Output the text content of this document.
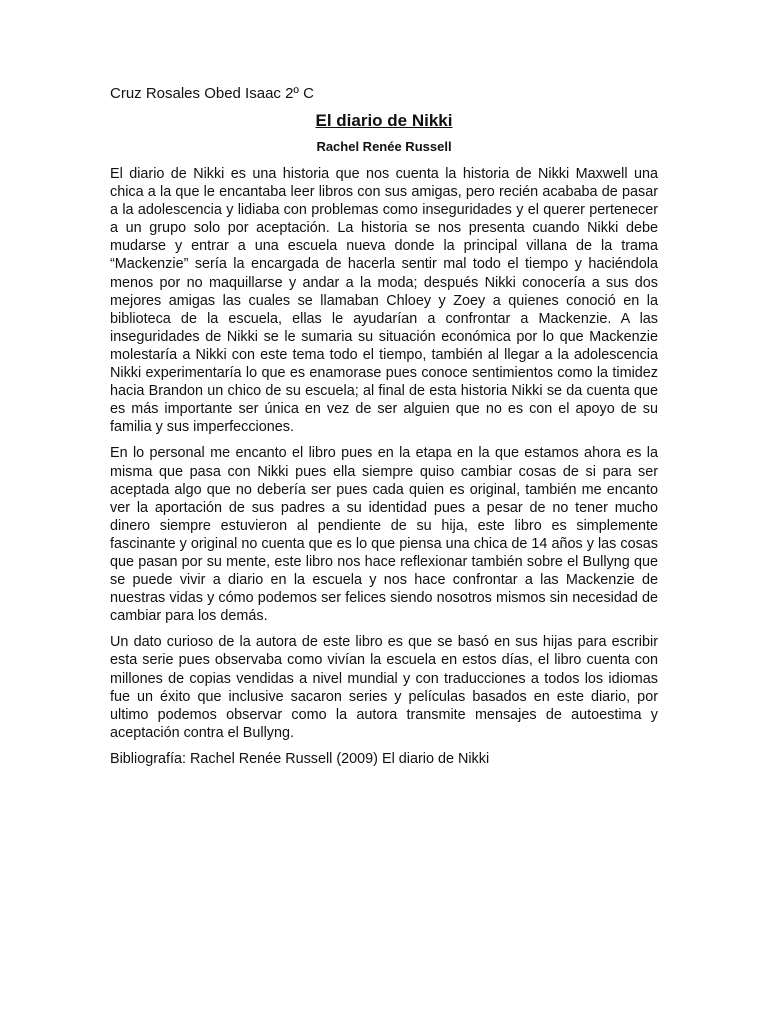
Cruz Rosales Obed Isaac 2º C

El diario de Nikki

Rachel Renée Russell

El diario de Nikki es una historia que nos cuenta la historia de Nikki Maxwell una chica a la que le encantaba leer libros con sus amigas, pero recién acababa de pasar a la adolescencia y lidiaba con problemas como inseguridades y el querer pertenecer a un grupo solo por aceptación. La historia se nos presenta cuando Nikki debe mudarse y entrar a una escuela nueva donde la principal villana de la trama “Mackenzie” sería la encargada de hacerla sentir mal todo el tiempo y haciéndola menos por no maquillarse y andar a la moda; después Nikki conocería a sus dos mejores amigas las cuales se llamaban Chloey y Zoey a quienes conoció en la biblioteca de la escuela, ellas le ayudarían a confrontar a Mackenzie. A las inseguridades de Nikki se le sumaria su situación económica por lo que Mackenzie molestaría a Nikki con este tema todo el tiempo, también al llegar a la adolescencia Nikki experimentaría lo que es enamorase pues conoce sentimientos como la timidez hacia Brandon un chico de su escuela; al final de esta historia Nikki se da cuenta que es más importante ser única en vez de ser alguien que no es con el apoyo de su familia y sus imperfecciones.

En lo personal me encanto el libro pues en la etapa en la que estamos ahora es la misma que pasa con Nikki pues ella siempre quiso cambiar cosas de si para ser aceptada algo que no debería ser pues cada quien es original, también me encanto ver la aportación de sus padres a su identidad pues a pesar de no tener mucho dinero siempre estuvieron al pendiente de su hija, este libro es simplemente fascinante y original no cuenta que es lo que piensa una chica de 14 años y las cosas que pasan por su mente, este libro nos hace reflexionar también sobre el Bullyng que se puede vivir a diario en la escuela y nos hace confrontar a las Mackenzie de nuestras vidas y cómo podemos ser felices siendo nosotros mismos sin necesidad de cambiar para los demás.

Un dato curioso de la autora de este libro es que se basó en sus hijas para escribir esta serie pues observaba como vivían la escuela en estos días, el libro cuenta con millones de copias vendidas a nivel mundial y con traducciones a todos los idiomas fue un éxito que inclusive sacaron series y películas basados en este diario, por ultimo podemos observar como la autora transmite mensajes de autoestima y aceptación contra el Bullyng.

Bibliografía: Rachel Renée Russell (2009) El diario de Nikki
